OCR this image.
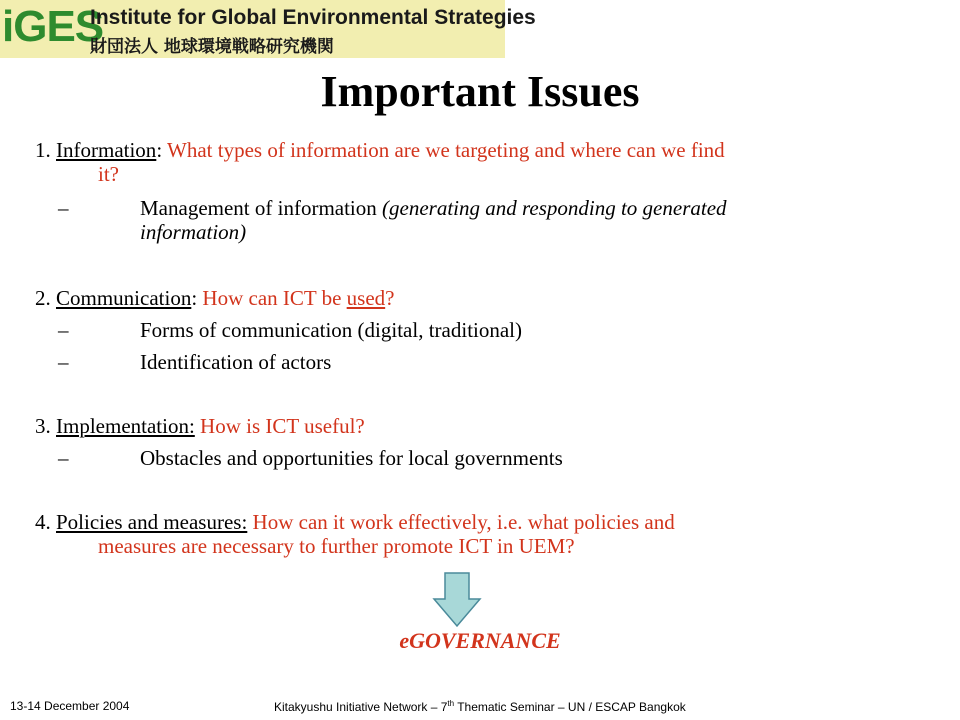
iGES
Institute for Global Environmental Strategies
財団法人 地球環境戦略研究機関
Important Issues
1. Information: What types of information are we targeting and where can we find
it?
–	Management of information (generating and responding to generated
information)
2. Communication: How can ICT be used?
–	Forms of communication (digital, traditional)
–	Identification of actors
3. Implementation: How is ICT useful?
–	Obstacles and opportunities for local governments
4. Policies and measures: How can it work effectively, i.e. what policies and
measures are necessary to further promote ICT in UEM?
eGOVERNANCE
13-14 December 2004	Kitakyushu Initiative Network – 7th Thematic Seminar – UN / ESCAP Bangkok
